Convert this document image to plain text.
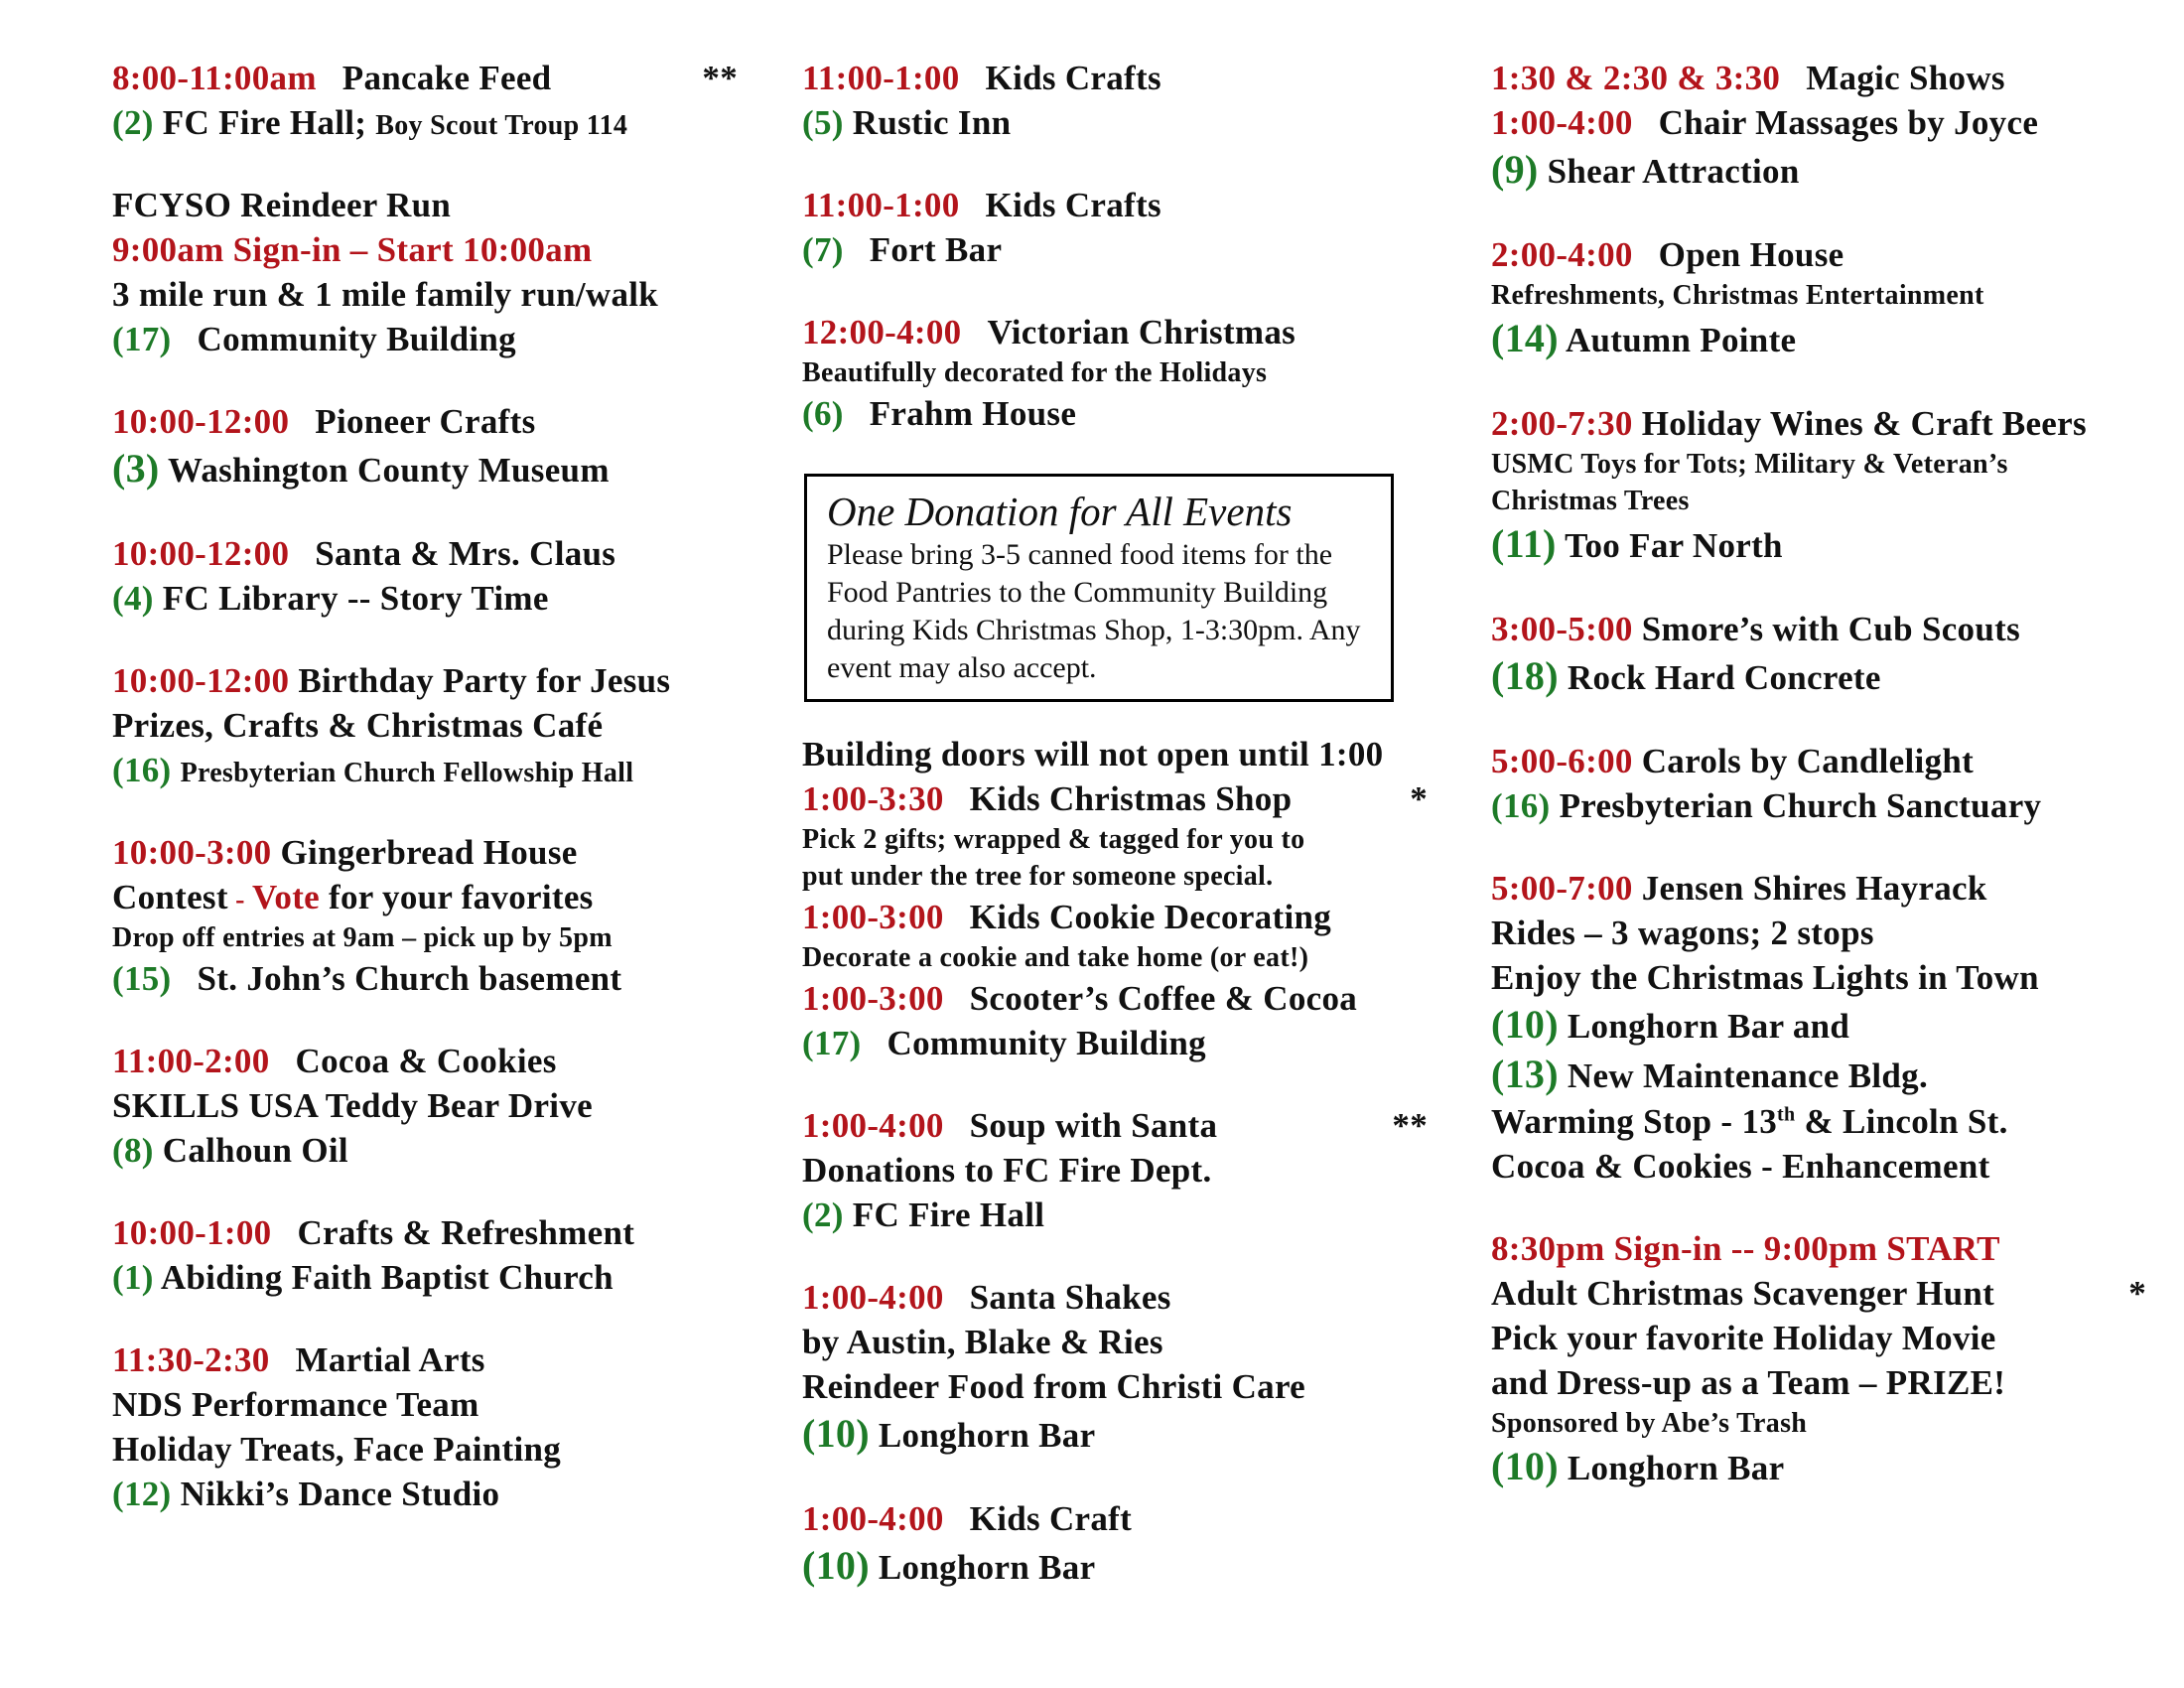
8:00-11:00am Pancake Feed	**
(2) FC Fire Hall; Boy Scout Troup 114
FCYSO Reindeer Run
9:00am Sign-in – Start 10:00am
3 mile run & 1 mile family run/walk
(17) Community Building
10:00-12:00 Pioneer Crafts
(3) Washington County Museum
10:00-12:00 Santa & Mrs. Claus
(4) FC Library -- Story Time
10:00-12:00 Birthday Party for Jesus
Prizes, Crafts & Christmas Café
(16) Presbyterian Church Fellowship Hall
10:00-3:00 Gingerbread House
Contest - Vote for your favorites
Drop off entries at 9am – pick up by 5pm
(15) St. John’s Church basement
11:00-2:00 Cocoa & Cookies
SKILLS USA Teddy Bear Drive
(8) Calhoun Oil
10:00-1:00 Crafts & Refreshment
(1) Abiding Faith Baptist Church
11:30-2:30 Martial Arts
NDS Performance Team
Holiday Treats, Face Painting
(12) Nikki’s Dance Studio
11:00-1:00 Kids Crafts
(5) Rustic Inn
11:00-1:00 Kids Crafts
(7) Fort Bar
12:00-4:00 Victorian Christmas
Beautifully decorated for the Holidays
(6) Frahm House
One Donation for All Events
Please bring 3-5 canned food items for the Food Pantries to the Community Building during Kids Christmas Shop, 1-3:30pm. Any event may also accept.
Building doors will not open until 1:00
1:00-3:30 Kids Christmas Shop	*
Pick 2 gifts; wrapped & tagged for you to
put under the tree for someone special.
1:00-3:00 Kids Cookie Decorating
Decorate a cookie and take home (or eat!)
1:00-3:00 Scooter’s Coffee & Cocoa
(17) Community Building
1:00-4:00 Soup with Santa	**
Donations to FC Fire Dept.
(2) FC Fire Hall
1:00-4:00 Santa Shakes
by Austin, Blake & Ries
Reindeer Food from Christi Care
(10) Longhorn Bar
1:00-4:00 Kids Craft
(10) Longhorn Bar
1:30 & 2:30 & 3:30 Magic Shows
1:00-4:00 Chair Massages by Joyce
(9) Shear Attraction
2:00-4:00 Open House
Refreshments, Christmas Entertainment
(14) Autumn Pointe
2:00-7:30 Holiday Wines & Craft Beers
USMC Toys for Tots; Military & Veteran’s
Christmas Trees
(11) Too Far North
3:00-5:00 Smore’s with Cub Scouts
(18) Rock Hard Concrete
5:00-6:00 Carols by Candlelight
(16) Presbyterian Church Sanctuary
5:00-7:00 Jensen Shires Hayrack
Rides – 3 wagons; 2 stops
Enjoy the Christmas Lights in Town
(10) Longhorn Bar and
(13) New Maintenance Bldg.
Warming Stop - 13th & Lincoln St.
Cocoa & Cookies - Enhancement
8:30pm Sign-in -- 9:00pm START
Adult Christmas Scavenger Hunt	*
Pick your favorite Holiday Movie
and Dress-up as a Team – PRIZE!
Sponsored by Abe’s Trash
(10) Longhorn Bar
